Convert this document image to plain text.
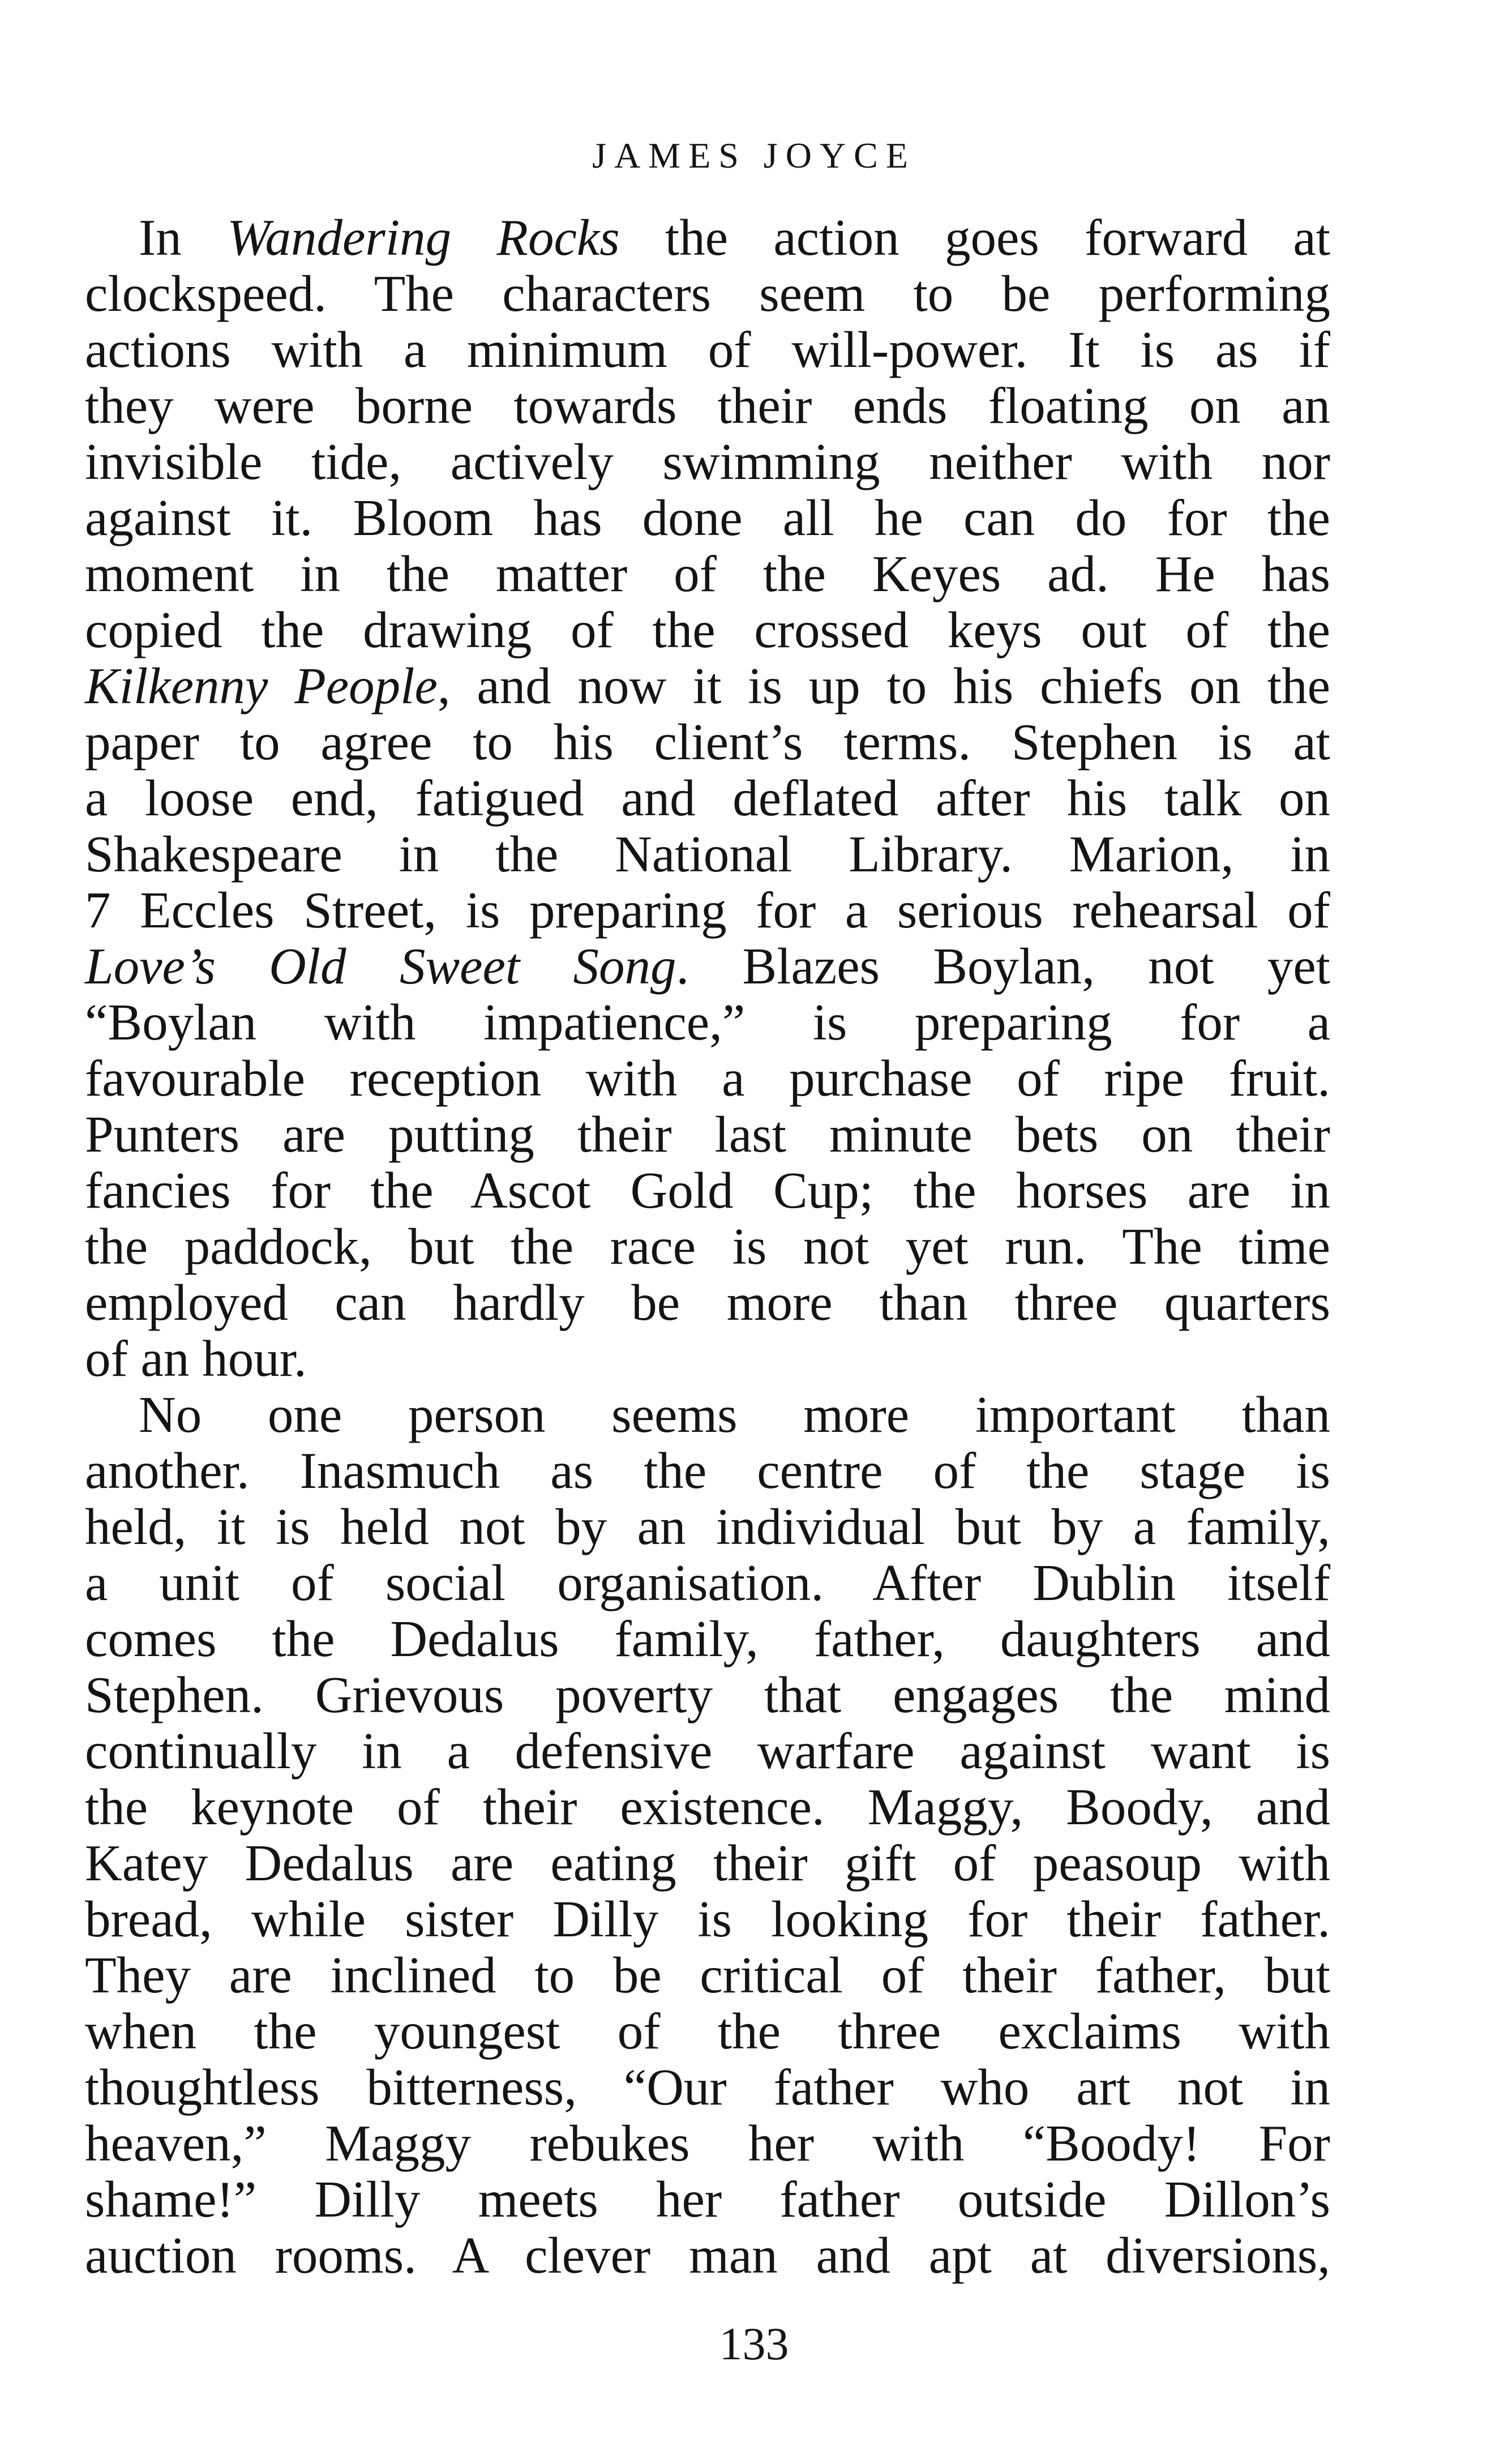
JAMES JOYCE
In Wandering Rocks the action goes forward at
clockspeed. The characters seem to be performing
actions with a minimum of will-power. It is as if
they were borne towards their ends floating on an
invisible tide, actively swimming neither with nor
against it. Bloom has done all he can do for the
moment in the matter of the Keyes ad. He has
copied the drawing of the crossed keys out of the
Kilkenny People, and now it is up to his chiefs on the
paper to agree to his client’s terms. Stephen is at
a loose end, fatigued and deflated after his talk on
Shakespeare in the National Library. Marion, in
7 Eccles Street, is preparing for a serious rehearsal of
Love’s Old Sweet Song. Blazes Boylan, not yet
“Boylan with impatience,” is preparing for a
favourable reception with a purchase of ripe fruit.
Punters are putting their last minute bets on their
fancies for the Ascot Gold Cup; the horses are in
the paddock, but the race is not yet run. The time
employed can hardly be more than three quarters
of an hour.
No one person seems more important than
another. Inasmuch as the centre of the stage is
held, it is held not by an individual but by a family,
a unit of social organisation. After Dublin itself
comes the Dedalus family, father, daughters and
Stephen. Grievous poverty that engages the mind
continually in a defensive warfare against want is
the keynote of their existence. Maggy, Boody, and
Katey Dedalus are eating their gift of peasoup with
bread, while sister Dilly is looking for their father.
They are inclined to be critical of their father, but
when the youngest of the three exclaims with
thoughtless bitterness, “Our father who art not in
heaven,” Maggy rebukes her with “Boody! For
shame!” Dilly meets her father outside Dillon’s
auction rooms. A clever man and apt at diversions,
133
